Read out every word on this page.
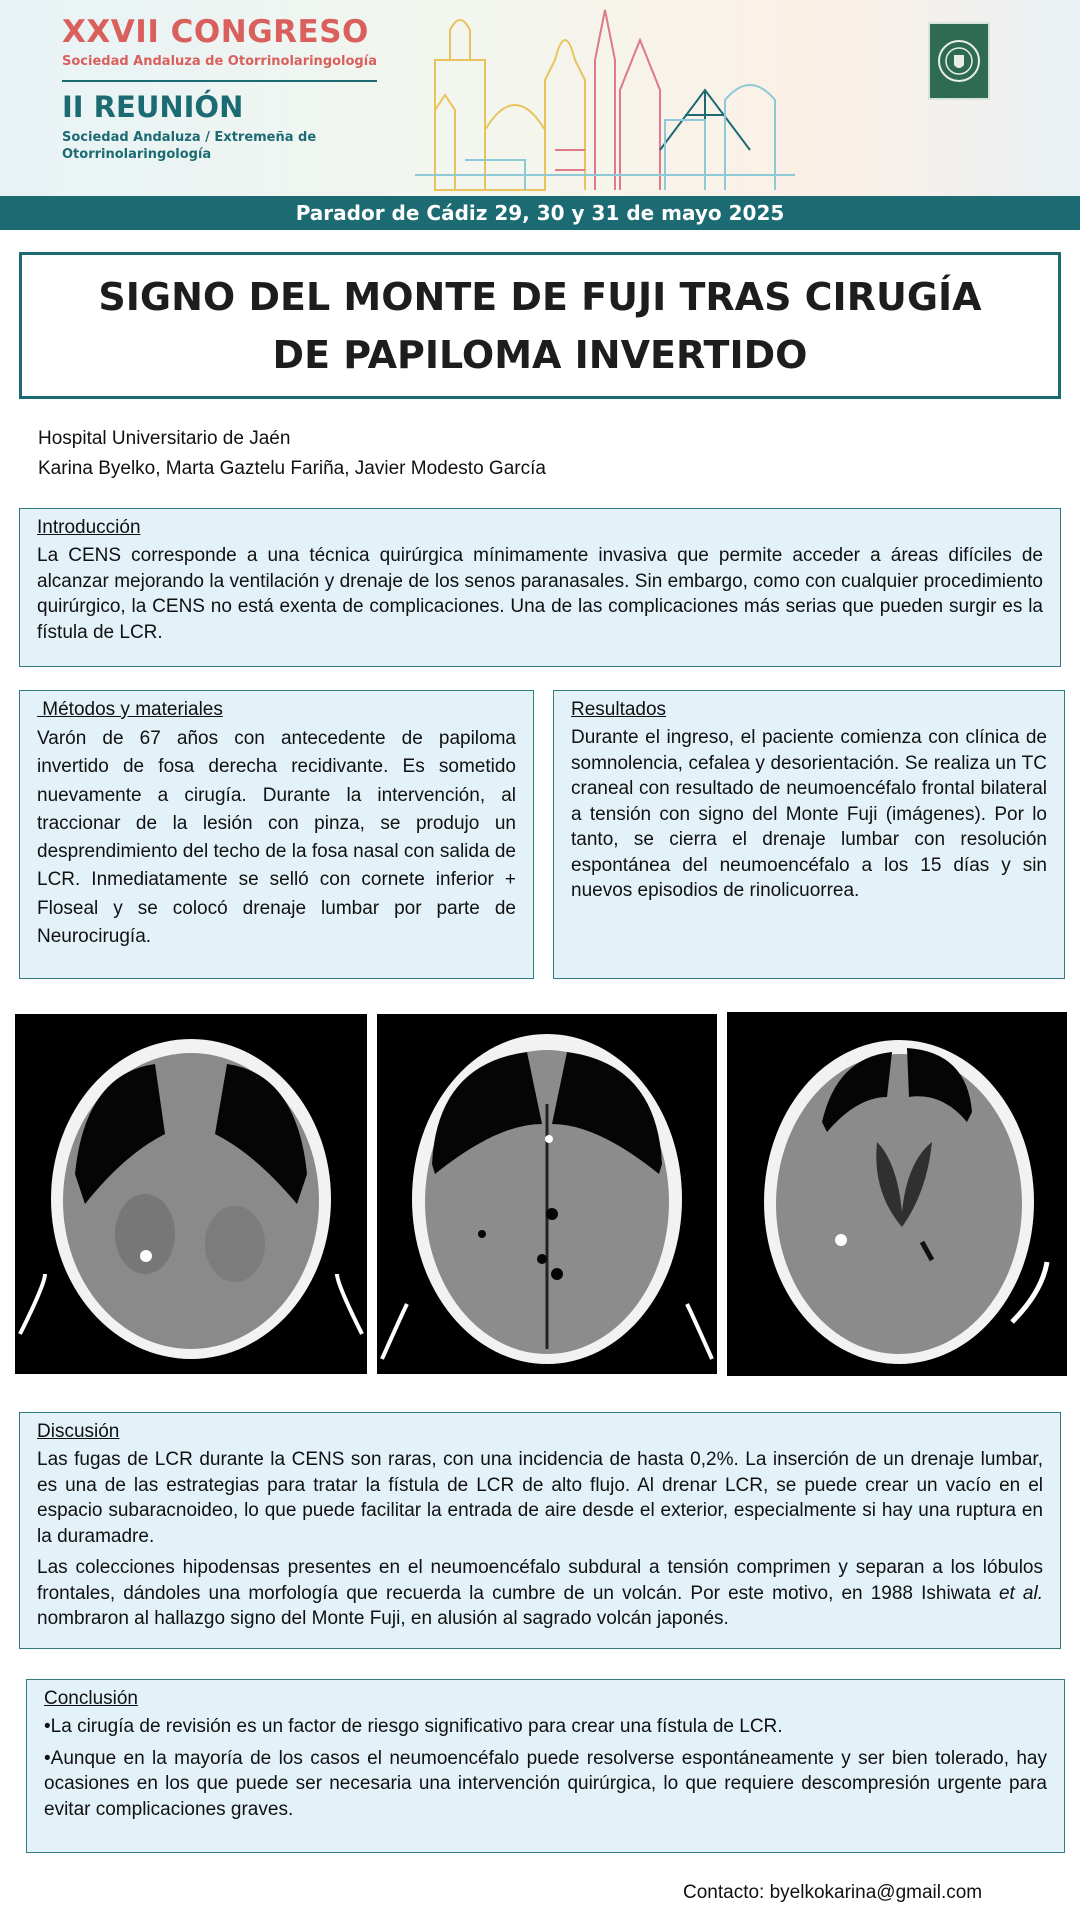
XXVII CONGRESO
Sociedad Andaluza de Otorrinolaringología
II REUNIÓN
Sociedad Andaluza / Extremeña de Otorrinolaringología
Parador de Cádiz 29, 30 y 31 de mayo 2025
SIGNO DEL MONTE DE FUJI TRAS CIRUGÍA DE PAPILOMA INVERTIDO
Hospital Universitario de Jaén
Karina Byelko, Marta Gaztelu Fariña, Javier Modesto García
Introducción

La CENS corresponde a una técnica quirúrgica mínimamente invasiva que permite acceder a áreas difíciles de alcanzar mejorando la ventilación y drenaje de los senos paranasales. Sin embargo, como con cualquier procedimiento quirúrgico, la CENS no está exenta de complicaciones. Una de las complicaciones más serias que pueden surgir es la fístula de LCR.

Métodos y materiales

Varón de 67 años con antecedente de papiloma invertido de fosa derecha recidivante. Es sometido nuevamente a cirugía. Durante la intervención, al traccionar de la lesión con pinza, se produjo un desprendimiento del techo de la fosa nasal con salida de LCR. Inmediatamente se selló con cornete inferior + Floseal y se colocó drenaje lumbar por parte de Neurocirugía.

Resultados

Durante el ingreso, el paciente comienza con clínica de somnolencia, cefalea y desorientación. Se realiza un TC craneal con resultado de neumoencéfalo frontal bilateral a tensión con signo del Monte Fuji (imágenes). Por lo tanto, se cierra el drenaje lumbar con resolución espontánea del neumoencéfalo a los 15 días y sin nuevos episodios de rinolicuorrea.

Discusión

Las fugas de LCR durante la CENS son raras, con una incidencia de hasta 0,2%. La inserción de un drenaje lumbar, es una de las estrategias para tratar la fístula de LCR de alto flujo. Al drenar LCR, se puede crear un vacío en el espacio subaracnoideo, lo que puede facilitar la entrada de aire desde el exterior, especialmente si hay una ruptura en la duramadre.

Las colecciones hipodensas presentes en el neumoencéfalo subdural a tensión comprimen y separan a los lóbulos frontales, dándoles una morfología que recuerda la cumbre de un volcán. Por este motivo, en 1988 Ishiwata et al. nombraron al hallazgo signo del Monte Fuji, en alusión al sagrado volcán japonés.

Conclusión

•La cirugía de revisión es un factor de riesgo significativo para crear una fístula de LCR.

•Aunque en la mayoría de los casos el neumoencéfalo puede resolverse espontáneamente y ser bien tolerado, hay ocasiones en los que puede ser necesaria una intervención quirúrgica, lo que requiere descompresión urgente para evitar complicaciones graves.

Contacto: byelkokarina@gmail.com
